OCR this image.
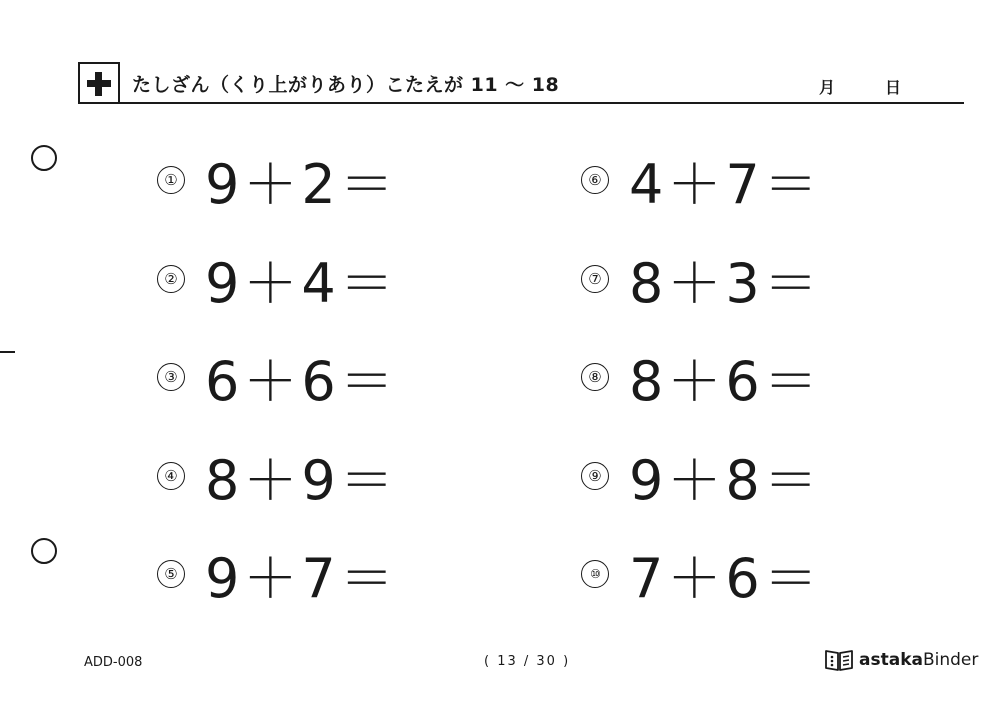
たしざん（くり上がりあり）こたえが 11 〜 18	月	日
① 9＋2＝
② 9＋4＝
③ 6＋6＝
④ 8＋9＝
⑤ 9＋7＝
⑥ 4＋7＝
⑦ 8＋3＝
⑧ 8＋6＝
⑨ 9＋8＝
⑩ 7＋6＝
ADD-008	( 13 / 30 )	astaka Binder
